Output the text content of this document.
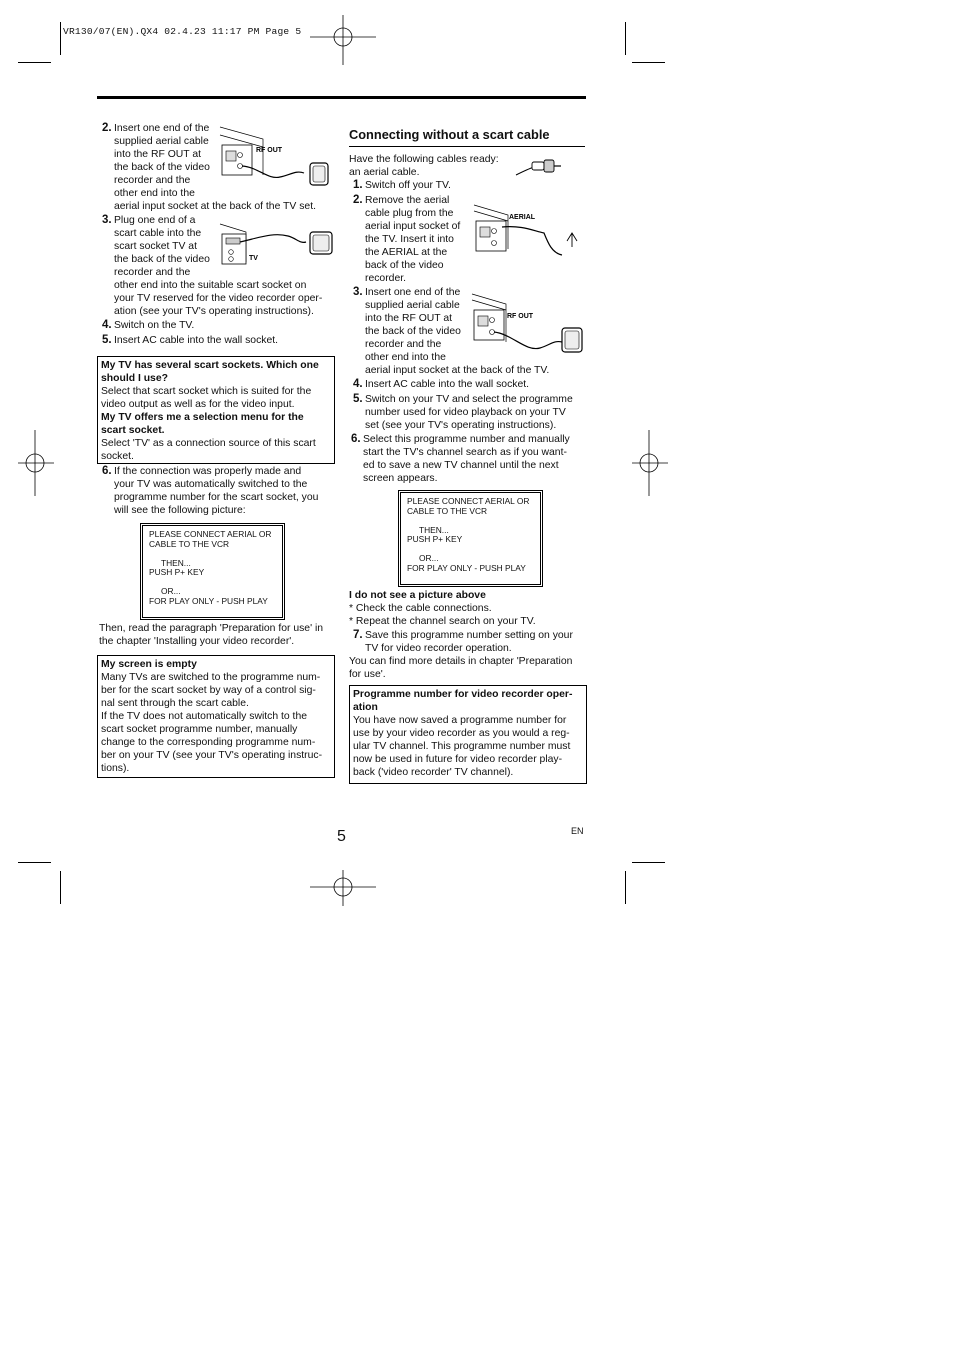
VR130/07(EN).QX4 02.4.23 11:17 PM Page 5
2. Insert one end of the
supplied aerial cable
into the RF OUT at
the back of the video
recorder and the
other end into the
aerial input socket at the back of the TV set.
3. Plug one end of a
scart cable into the
scart socket TV at
the back of the video
recorder and the
other end into the suitable scart socket on
your TV reserved for the video recorder oper-
ation (see your TV's operating instructions).
4. Switch on the TV.
5. Insert AC cable into the wall socket.
RF OUT
TV
My TV has several scart sockets. Which one
should I use?
Select that scart socket which is suited for the
video output as well as for the video input.
My TV offers me a selection menu for the
scart socket.
Select 'TV' as a connection source of this scart
socket.
6. If the connection was properly made and
your TV was automatically switched to the
programme number for the scart socket, you
will see the following picture:
PLEASE CONNECT AERIAL OR
CABLE TO THE VCR
THEN...
PUSH P+ KEY
OR...
FOR PLAY ONLY - PUSH PLAY
Then, read the paragraph 'Preparation for use' in
the chapter 'Installing your video recorder'.
My screen is empty
Many TVs are switched to the programme num-
ber for the scart socket by way of a control sig-
nal sent through the scart cable.
If the TV does not automatically switch to the
scart socket programme number, manually
change to the corresponding programme num-
ber on your TV (see your TV's operating instruc-
tions).
Connecting without a scart cable
Have the following cables ready:
an aerial cable.
1. Switch off your TV.
2. Remove the aerial
cable plug from the
aerial input socket of
the TV. Insert it into
the AERIAL at the
back of the video
recorder.
AERIAL
3. Insert one end of the
supplied aerial cable
into the RF OUT at
the back of the video
recorder and the
other end into the
aerial input socket at the back of the TV.
RF OUT
4. Insert AC cable into the wall socket.
5. Switch on your TV and select the programme
number used for video playback on your TV
set (see your TV's operating instructions).
6. Select this programme number and manually
start the TV's channel search as if you want-
ed to save a new TV channel until the next
screen appears.
PLEASE CONNECT AERIAL OR
CABLE TO THE VCR
THEN...
PUSH P+ KEY
OR...
FOR PLAY ONLY - PUSH PLAY
I do not see a picture above
* Check the cable connections.
* Repeat the channel search on your TV.
7. Save this programme number setting on your
TV for video recorder operation.
You can find more details in chapter 'Preparation
for use'.
Programme number for video recorder oper-
ation
You have now saved a programme number for
use by your video recorder as you would a reg-
ular TV channel. This programme number must
now be used in future for video recorder play-
back ('video recorder' TV channel).
5	EN
